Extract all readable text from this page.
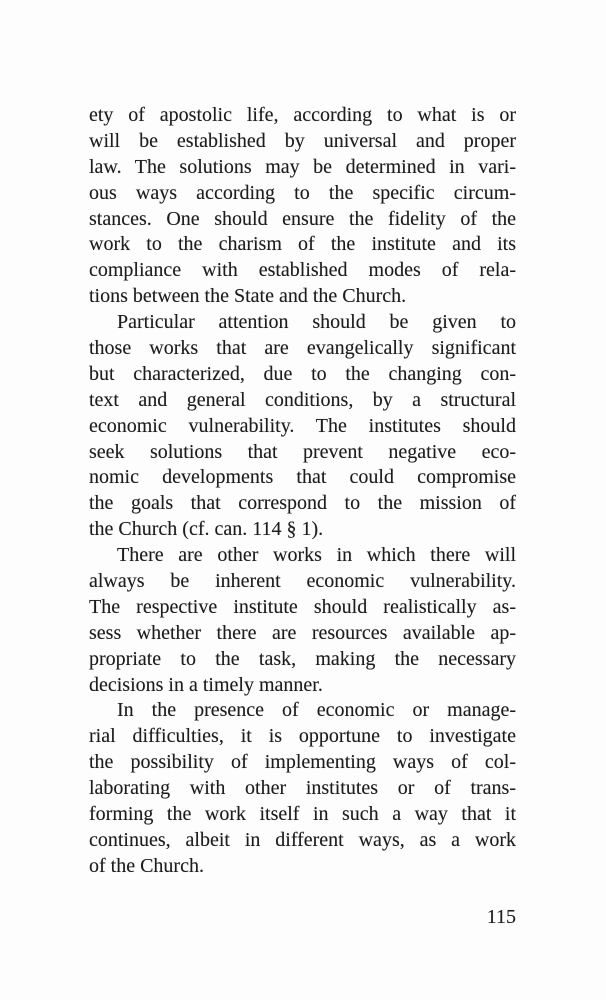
ety of apostolic life, according to what is or
will be established by universal and proper
law. The solutions may be determined in vari-
ous ways according to the specific circum-
stances. One should ensure the fidelity of the
work to the charism of the institute and its
compliance with established modes of rela-
tions between the State and the Church.
Particular attention should be given to
those works that are evangelically significant
but characterized, due to the changing con-
text and general conditions, by a structural
economic vulnerability. The institutes should
seek solutions that prevent negative eco-
nomic developments that could compromise
the goals that correspond to the mission of
the Church (cf. can. 114 § 1).
There are other works in which there will
always be inherent economic vulnerability.
The respective institute should realistically as-
sess whether there are resources available ap-
propriate to the task, making the necessary
decisions in a timely manner.
In the presence of economic or manage-
rial difficulties, it is opportune to investigate
the possibility of implementing ways of col-
laborating with other institutes or of trans-
forming the work itself in such a way that it
continues, albeit in different ways, as a work
of the Church.
115
